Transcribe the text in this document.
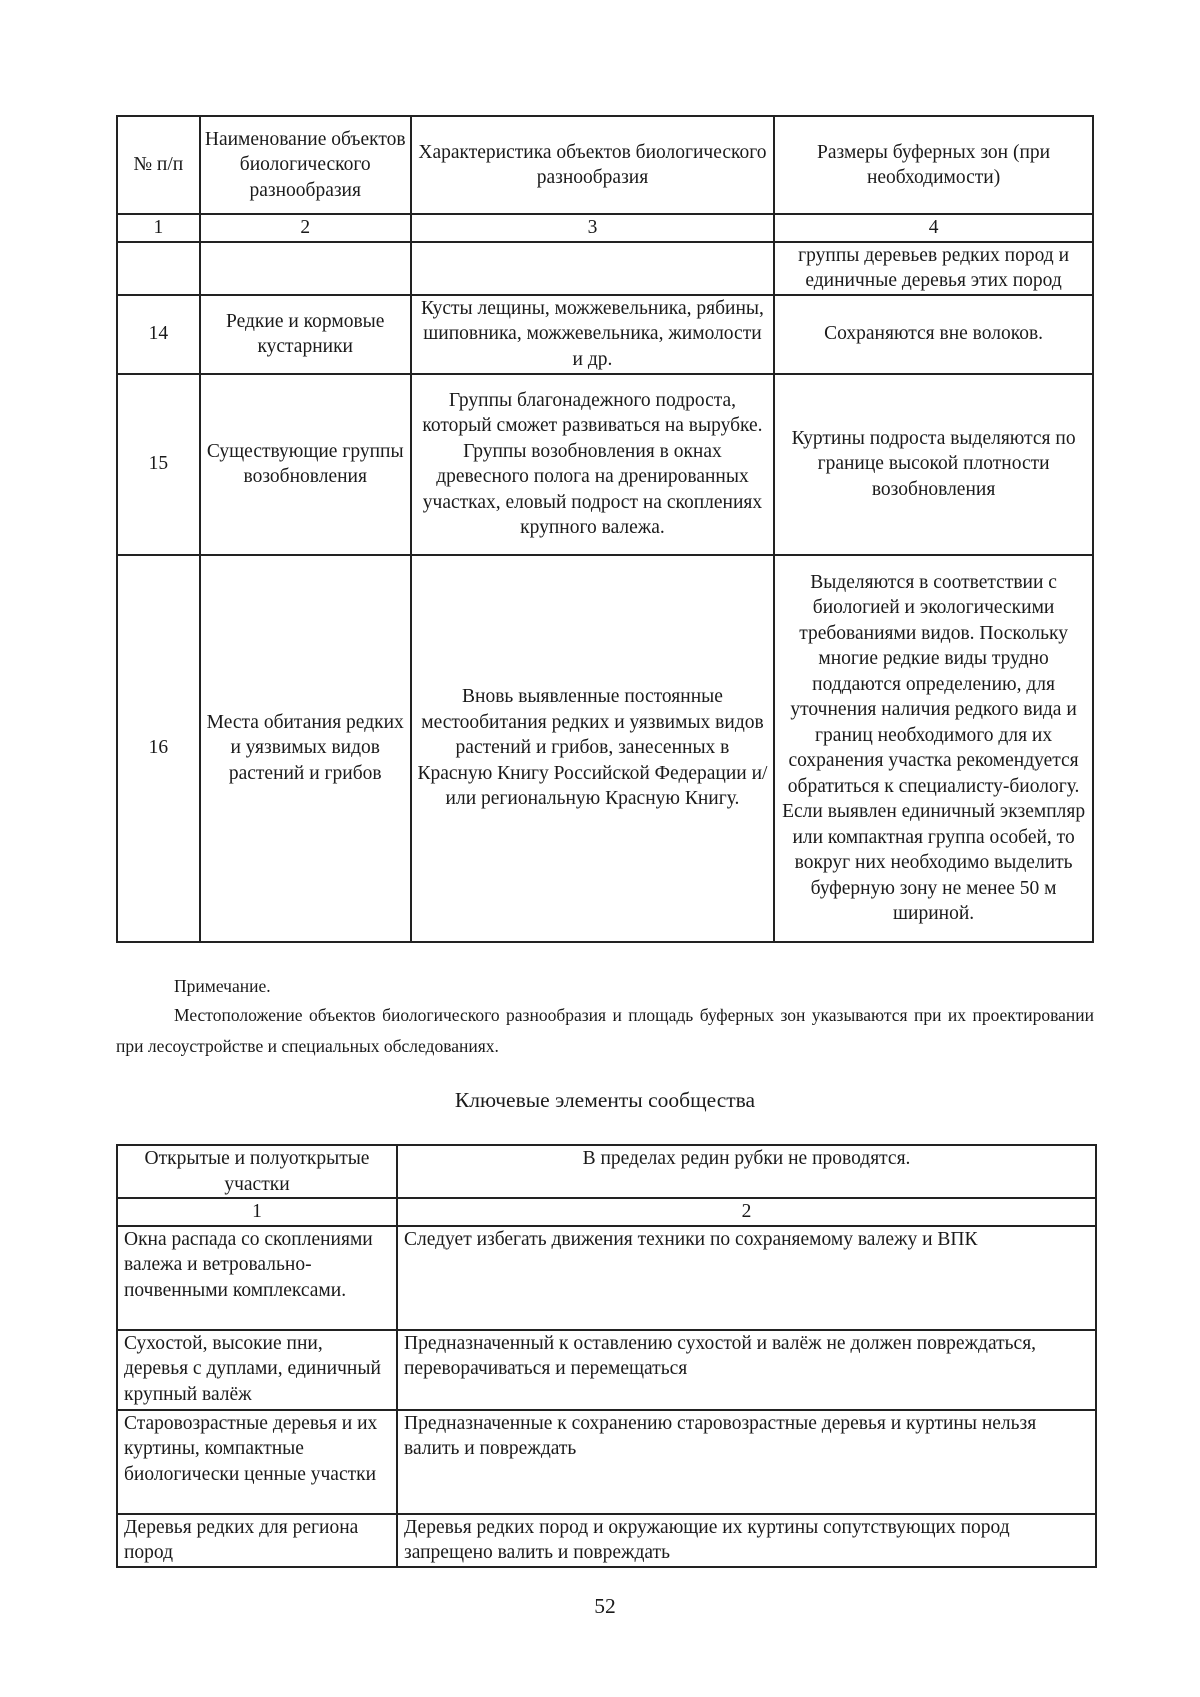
№ п/п	Наименование объектов биологического разнообразия	Характеристика объектов биологического разнообразия	Размеры буферных зон (при необходимости)
1	2	3	4
			группы деревьев редких пород и единичные деревья этих пород
14	Редкие и кормовые кустарники	Кусты лещины, можжевельника, рябины, шиповника, можжевельника, жимолости и др.	Сохраняются вне волоков.
15	Существующие группы возобновления	Группы благонадежного подроста, который сможет развиваться на вырубке. Группы возобновления в окнах древесного полога на дренированных участках, еловый подрост на скоплениях крупного валежа.	Куртины подроста выделяются по границе высокой плотности возобновления
16	Места обитания редких и уязвимых видов растений и грибов	Вновь выявленные постоянные местообитания редких и уязвимых видов растений и грибов, занесенных в Красную Книгу Российской Федерации и/или региональную Красную Книгу.	Выделяются в соответствии с биологией и экологическими требованиями видов. Поскольку многие редкие виды трудно поддаются определению, для уточнения наличия редкого вида и границ необходимого для их сохранения участка рекомендуется обратиться к специалисту-биологу. Если выявлен единичный экземпляр или компактная группа особей, то вокруг них необходимо выделить буферную зону не менее 50 м шириной.
Примечание.
Местоположение объектов биологического разнообразия и площадь буферных зон указываются при их проектировании при лесоустройстве и специальных обследованиях.
Ключевые элементы сообщества
Открытые и полуоткрытые участки	В пределах редин рубки не проводятся.
1	2
Окна распада со скоплениями валежа и ветровально-почвенными комплексами.	Следует избегать движения техники по сохраняемому валежу и ВПК
Сухостой, высокие пни, деревья с дуплами, единичный крупный валёж	Предназначенный к оставлению сухостой и валёж не должен повреждаться, переворачиваться и перемещаться
Старовозрастные деревья и их куртины, компактные биологически ценные участки	Предназначенные к сохранению старовозрастные деревья и куртины нельзя валить и повреждать
Деревья редких для региона пород	Деревья редких пород и окружающие их куртины сопутствующих пород запрещено валить и повреждать
52
